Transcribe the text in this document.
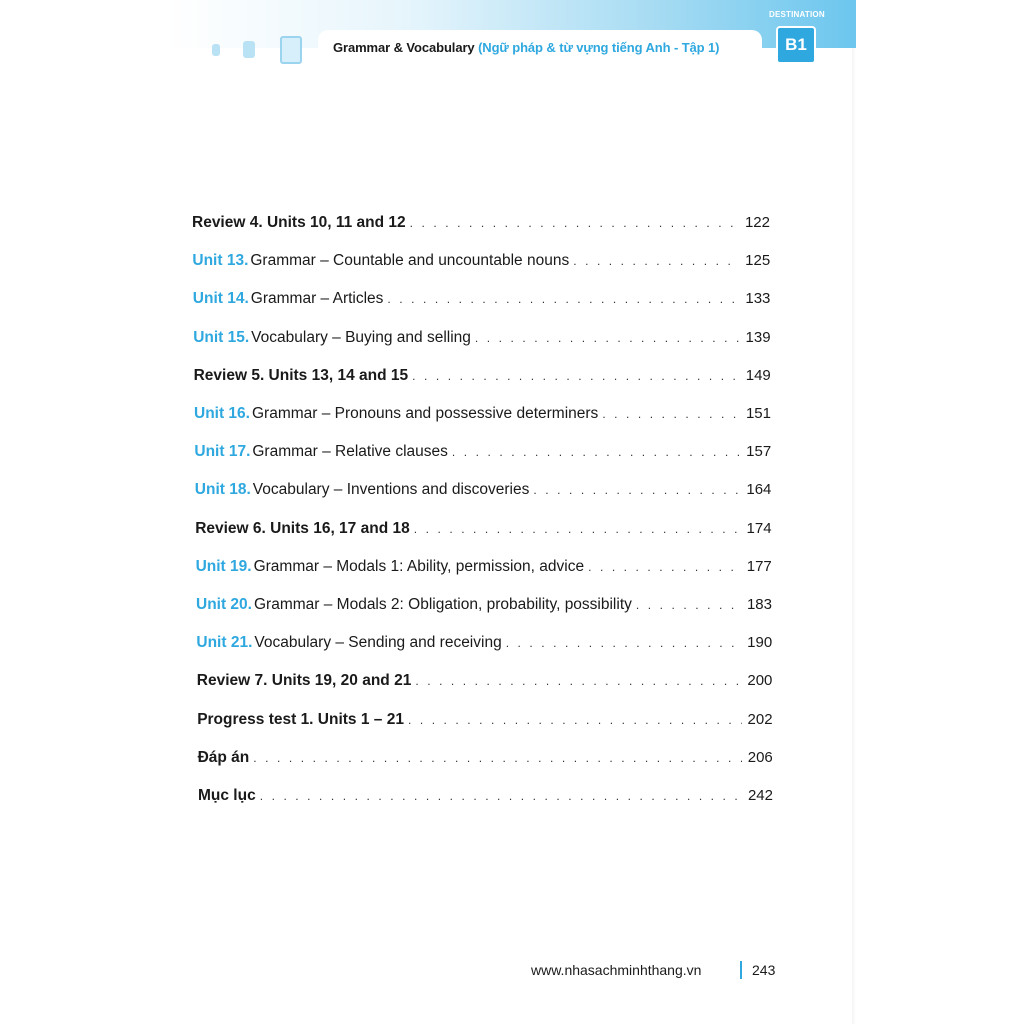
Grammar & Vocabulary (Ngữ pháp & từ vựng tiếng Anh - Tập 1)
DESTINATION
B1
Review 4. Units 10, 11 and 12 . . .	122
Unit 13. Grammar – Countable and uncountable nouns . . .	125
Unit 14. Grammar – Articles . . .	133
Unit 15. Vocabulary – Buying and selling . . .	139
Review 5. Units 13, 14 and 15 . . .	149
Unit 16. Grammar – Pronouns and possessive determiners . . .	151
Unit 17. Grammar – Relative clauses . . .	157
Unit 18. Vocabulary – Inventions and discoveries . . .	164
Review 6. Units 16, 17 and 18 . . .	174
Unit 19. Grammar – Modals 1: Ability, permission, advice . . .	177
Unit 20. Grammar – Modals 2: Obligation, probability, possibility . . .	183
Unit 21. Vocabulary – Sending and receiving . . .	190
Review 7. Units 19, 20 and 21 . . .	200
Progress test 1. Units 1 – 21 . . .	202
Đáp án . . .	206
Mục lục . . .	242
www.nhasachminhthang.vn	243
